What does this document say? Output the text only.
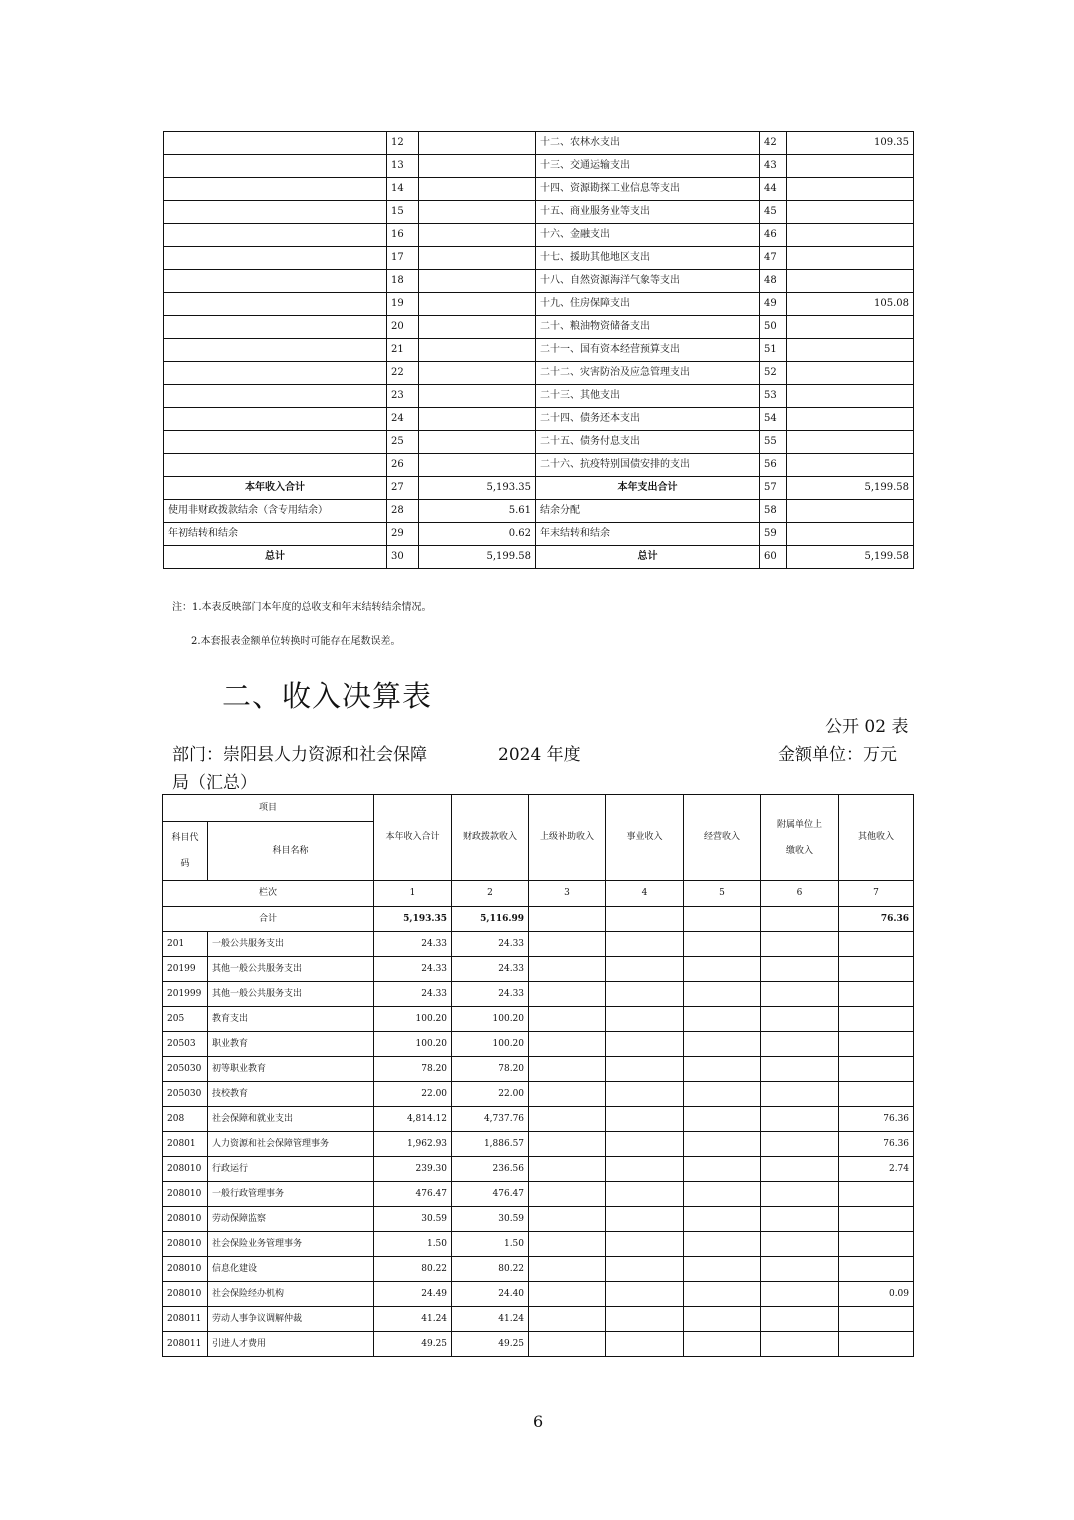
	12		十二、农林水支出	42	109.35
	13		十三、交通运输支出	43	
	14		十四、资源勘探工业信息等支出	44	
	15		十五、商业服务业等支出	45	
	16		十六、金融支出	46	
	17		十七、援助其他地区支出	47	
	18		十八、自然资源海洋气象等支出	48	
	19		十九、住房保障支出	49	105.08
	20		二十、粮油物资储备支出	50	
	21		二十一、国有资本经营预算支出	51	
	22		二十二、灾害防治及应急管理支出	52	
	23		二十三、其他支出	53	
	24		二十四、债务还本支出	54	
	25		二十五、债务付息支出	55	
	26		二十六、抗疫特别国债安排的支出	56	
本年收入合计	27	5,193.35	本年支出合计	57	5,199.58
使用非财政拨款结余（含专用结余）	28	5.61	结余分配	58	
年初结转和结余	29	0.62	年末结转和结余	59	
总计	30	5,199.58	总计	60	5,199.58
注：1.本表反映部门本年度的总收支和年末结转结余情况。
2.本套报表金额单位转换时可能存在尾数误差。
二、收入决算表
公开 02 表
部门：崇阳县人力资源和社会保障	2024 年度	金额单位：万元
局（汇总）
项目		本年收入合计	财政拨款收入	上级补助收入	事业收入	经营收入	附属单位上缴收入	其他收入
科目代码	科目名称							
栏次		1	2	3	4	5	6	7
合计		5,193.35	5,116.99					76.36
201	一般公共服务支出	24.33	24.33					
20199	其他一般公共服务支出	24.33	24.33					
201999	其他一般公共服务支出	24.33	24.33					
205	教育支出	100.20	100.20					
20503	职业教育	100.20	100.20					
205030	初等职业教育	78.20	78.20					
205030	技校教育	22.00	22.00					
208	社会保障和就业支出	4,814.12	4,737.76					76.36
20801	人力资源和社会保障管理事务	1,962.93	1,886.57					76.36
208010	行政运行	239.30	236.56					2.74
208010	一般行政管理事务	476.47	476.47					
208010	劳动保障监察	30.59	30.59					
208010	社会保险业务管理事务	1.50	1.50					
208010	信息化建设	80.22	80.22					
208010	社会保险经办机构	24.49	24.40					0.09
208011	劳动人事争议调解仲裁	41.24	41.24					
208011	引进人才费用	49.25	49.25					
6
